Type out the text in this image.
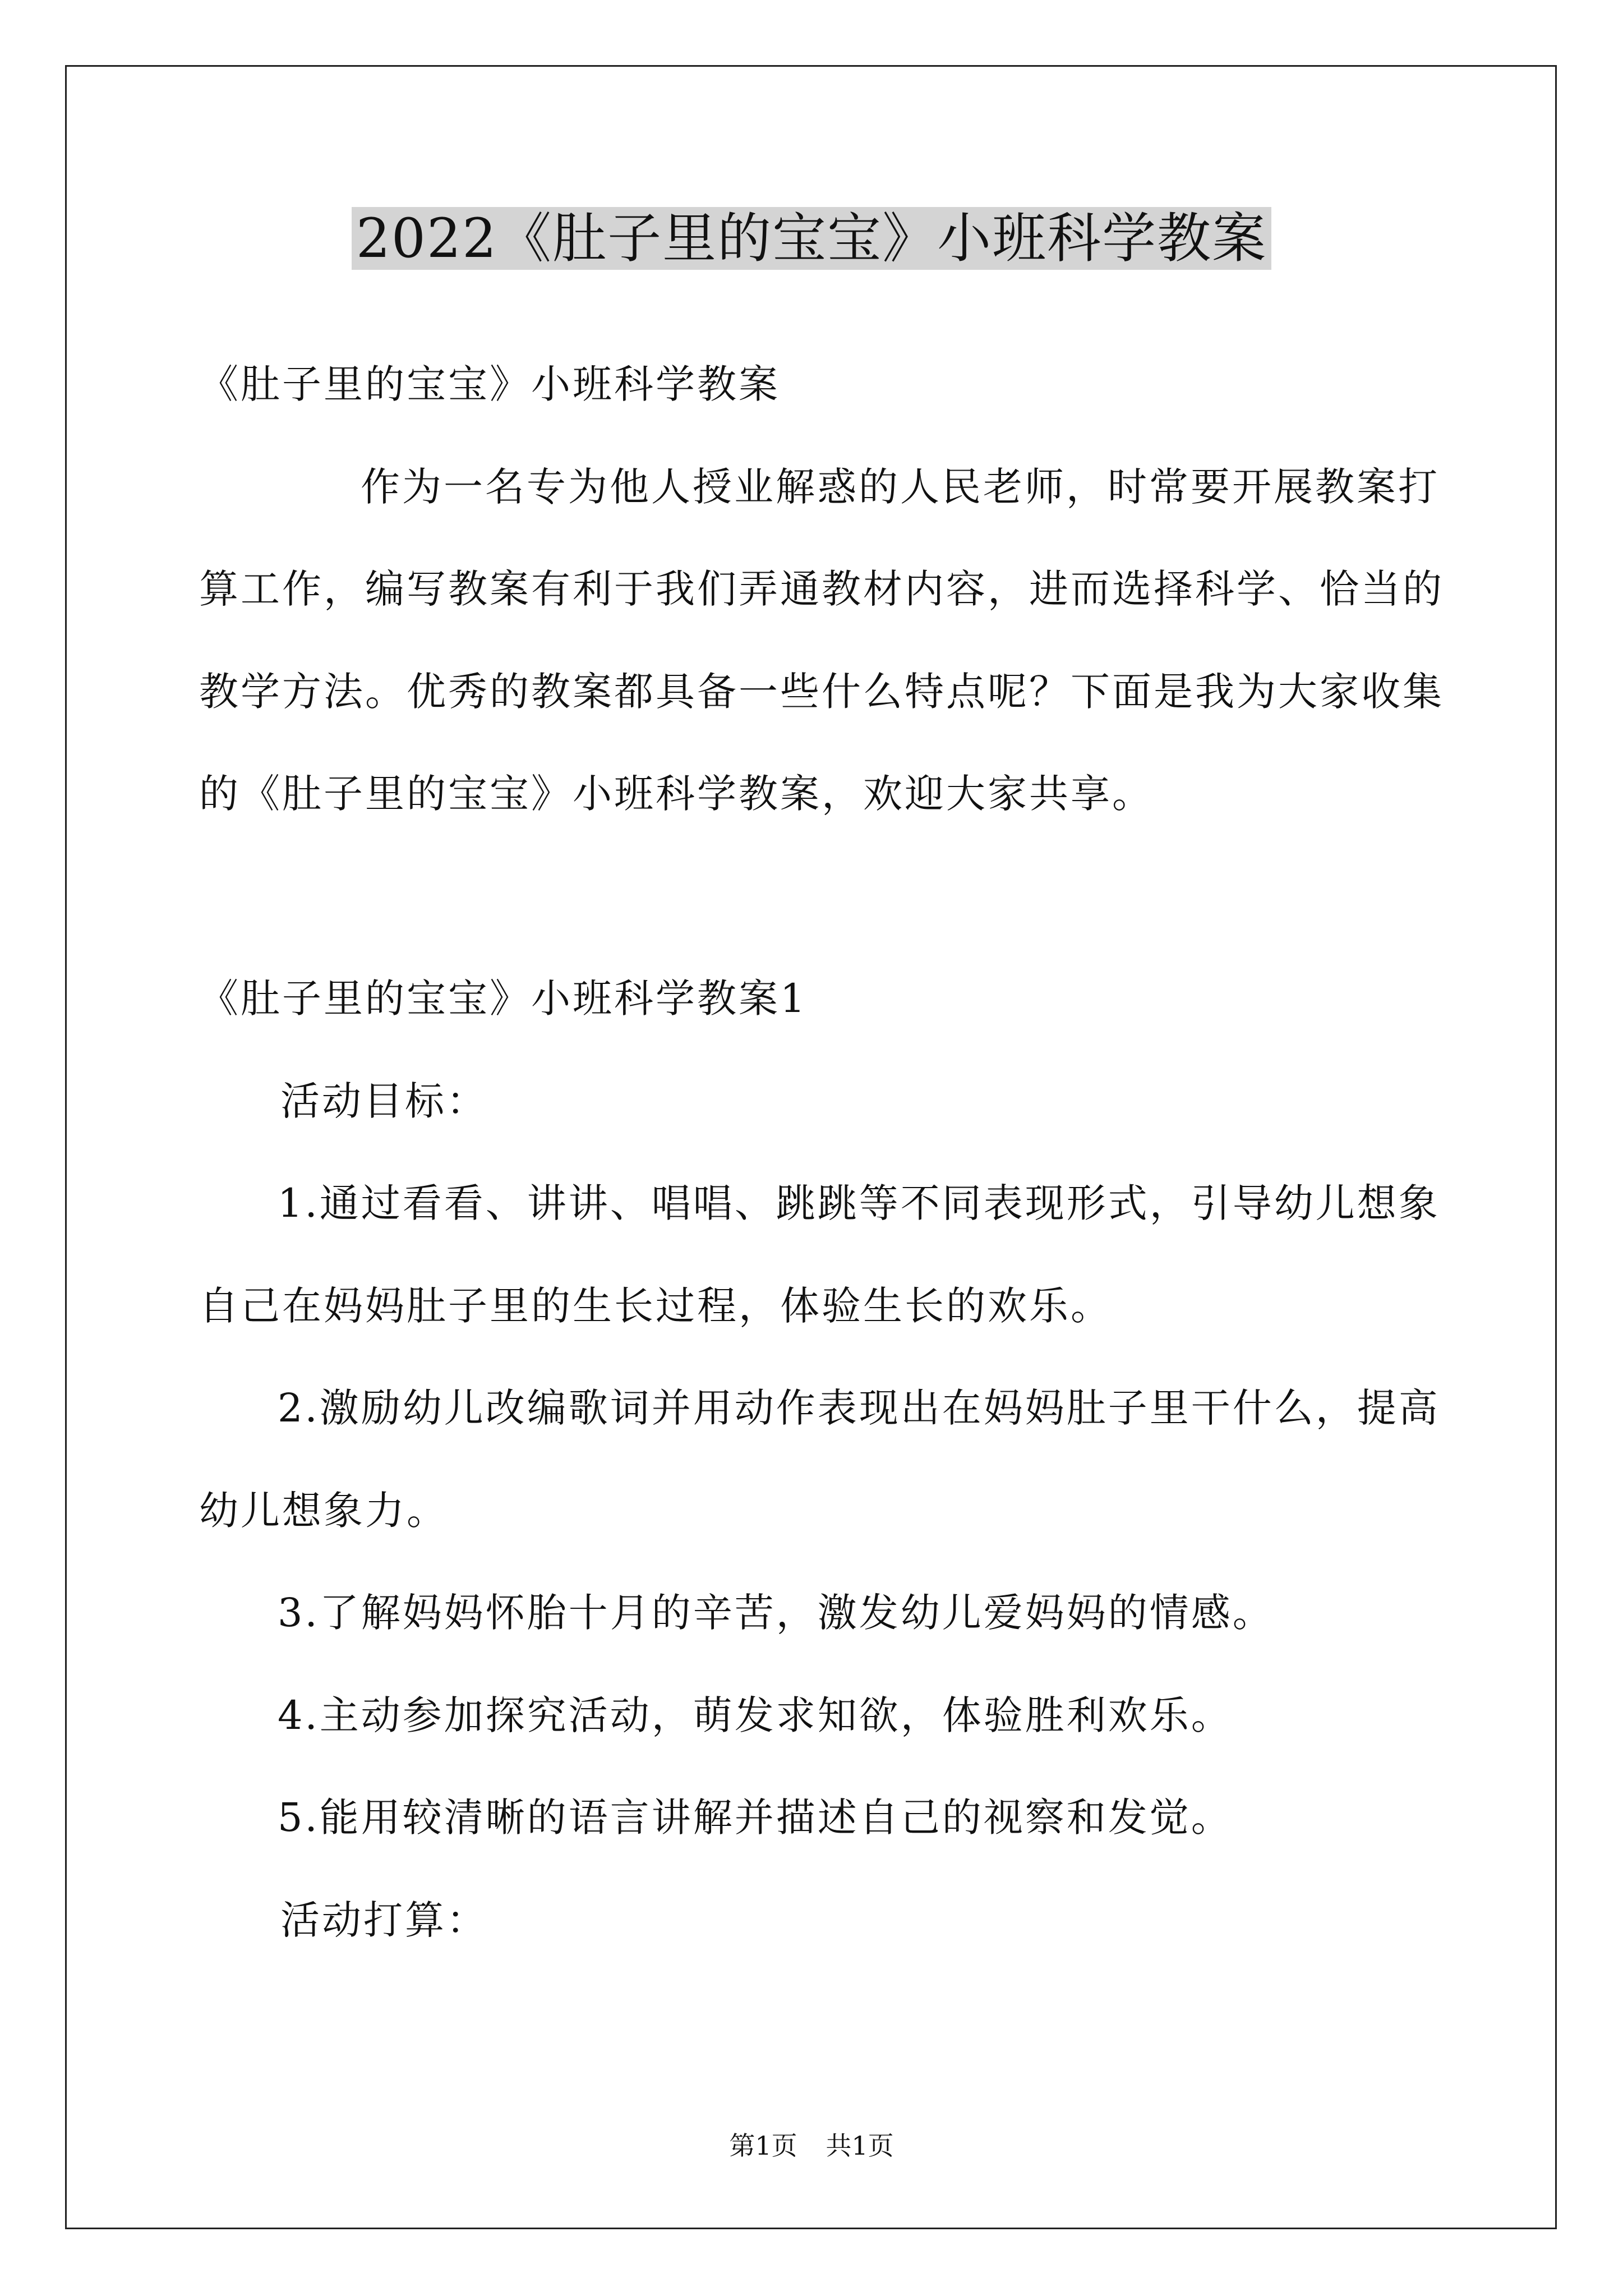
2022《肚子里的宝宝》小班科学教案
《肚子里的宝宝》小班科学教案
作为一名专为他人授业解惑的人民老师，时常要开展教案打
算工作，编写教案有利于我们弄通教材内容，进而选择科学、恰当的
教学方法。优秀的教案都具备一些什么特点呢？下面是我为大家收集
的《肚子里的宝宝》小班科学教案，欢迎大家共享。
《肚子里的宝宝》小班科学教案1
活动目标：
1.通过看看、讲讲、唱唱、跳跳等不同表现形式，引导幼儿想象
自己在妈妈肚子里的生长过程，体验生长的欢乐。
2.激励幼儿改编歌词并用动作表现出在妈妈肚子里干什么，提高
幼儿想象力。
3.了解妈妈怀胎十月的辛苦，激发幼儿爱妈妈的情感。
4.主动参加探究活动，萌发求知欲，体验胜利欢乐。
5.能用较清晰的语言讲解并描述自己的视察和发觉。
活动打算：
第1页 共1页
